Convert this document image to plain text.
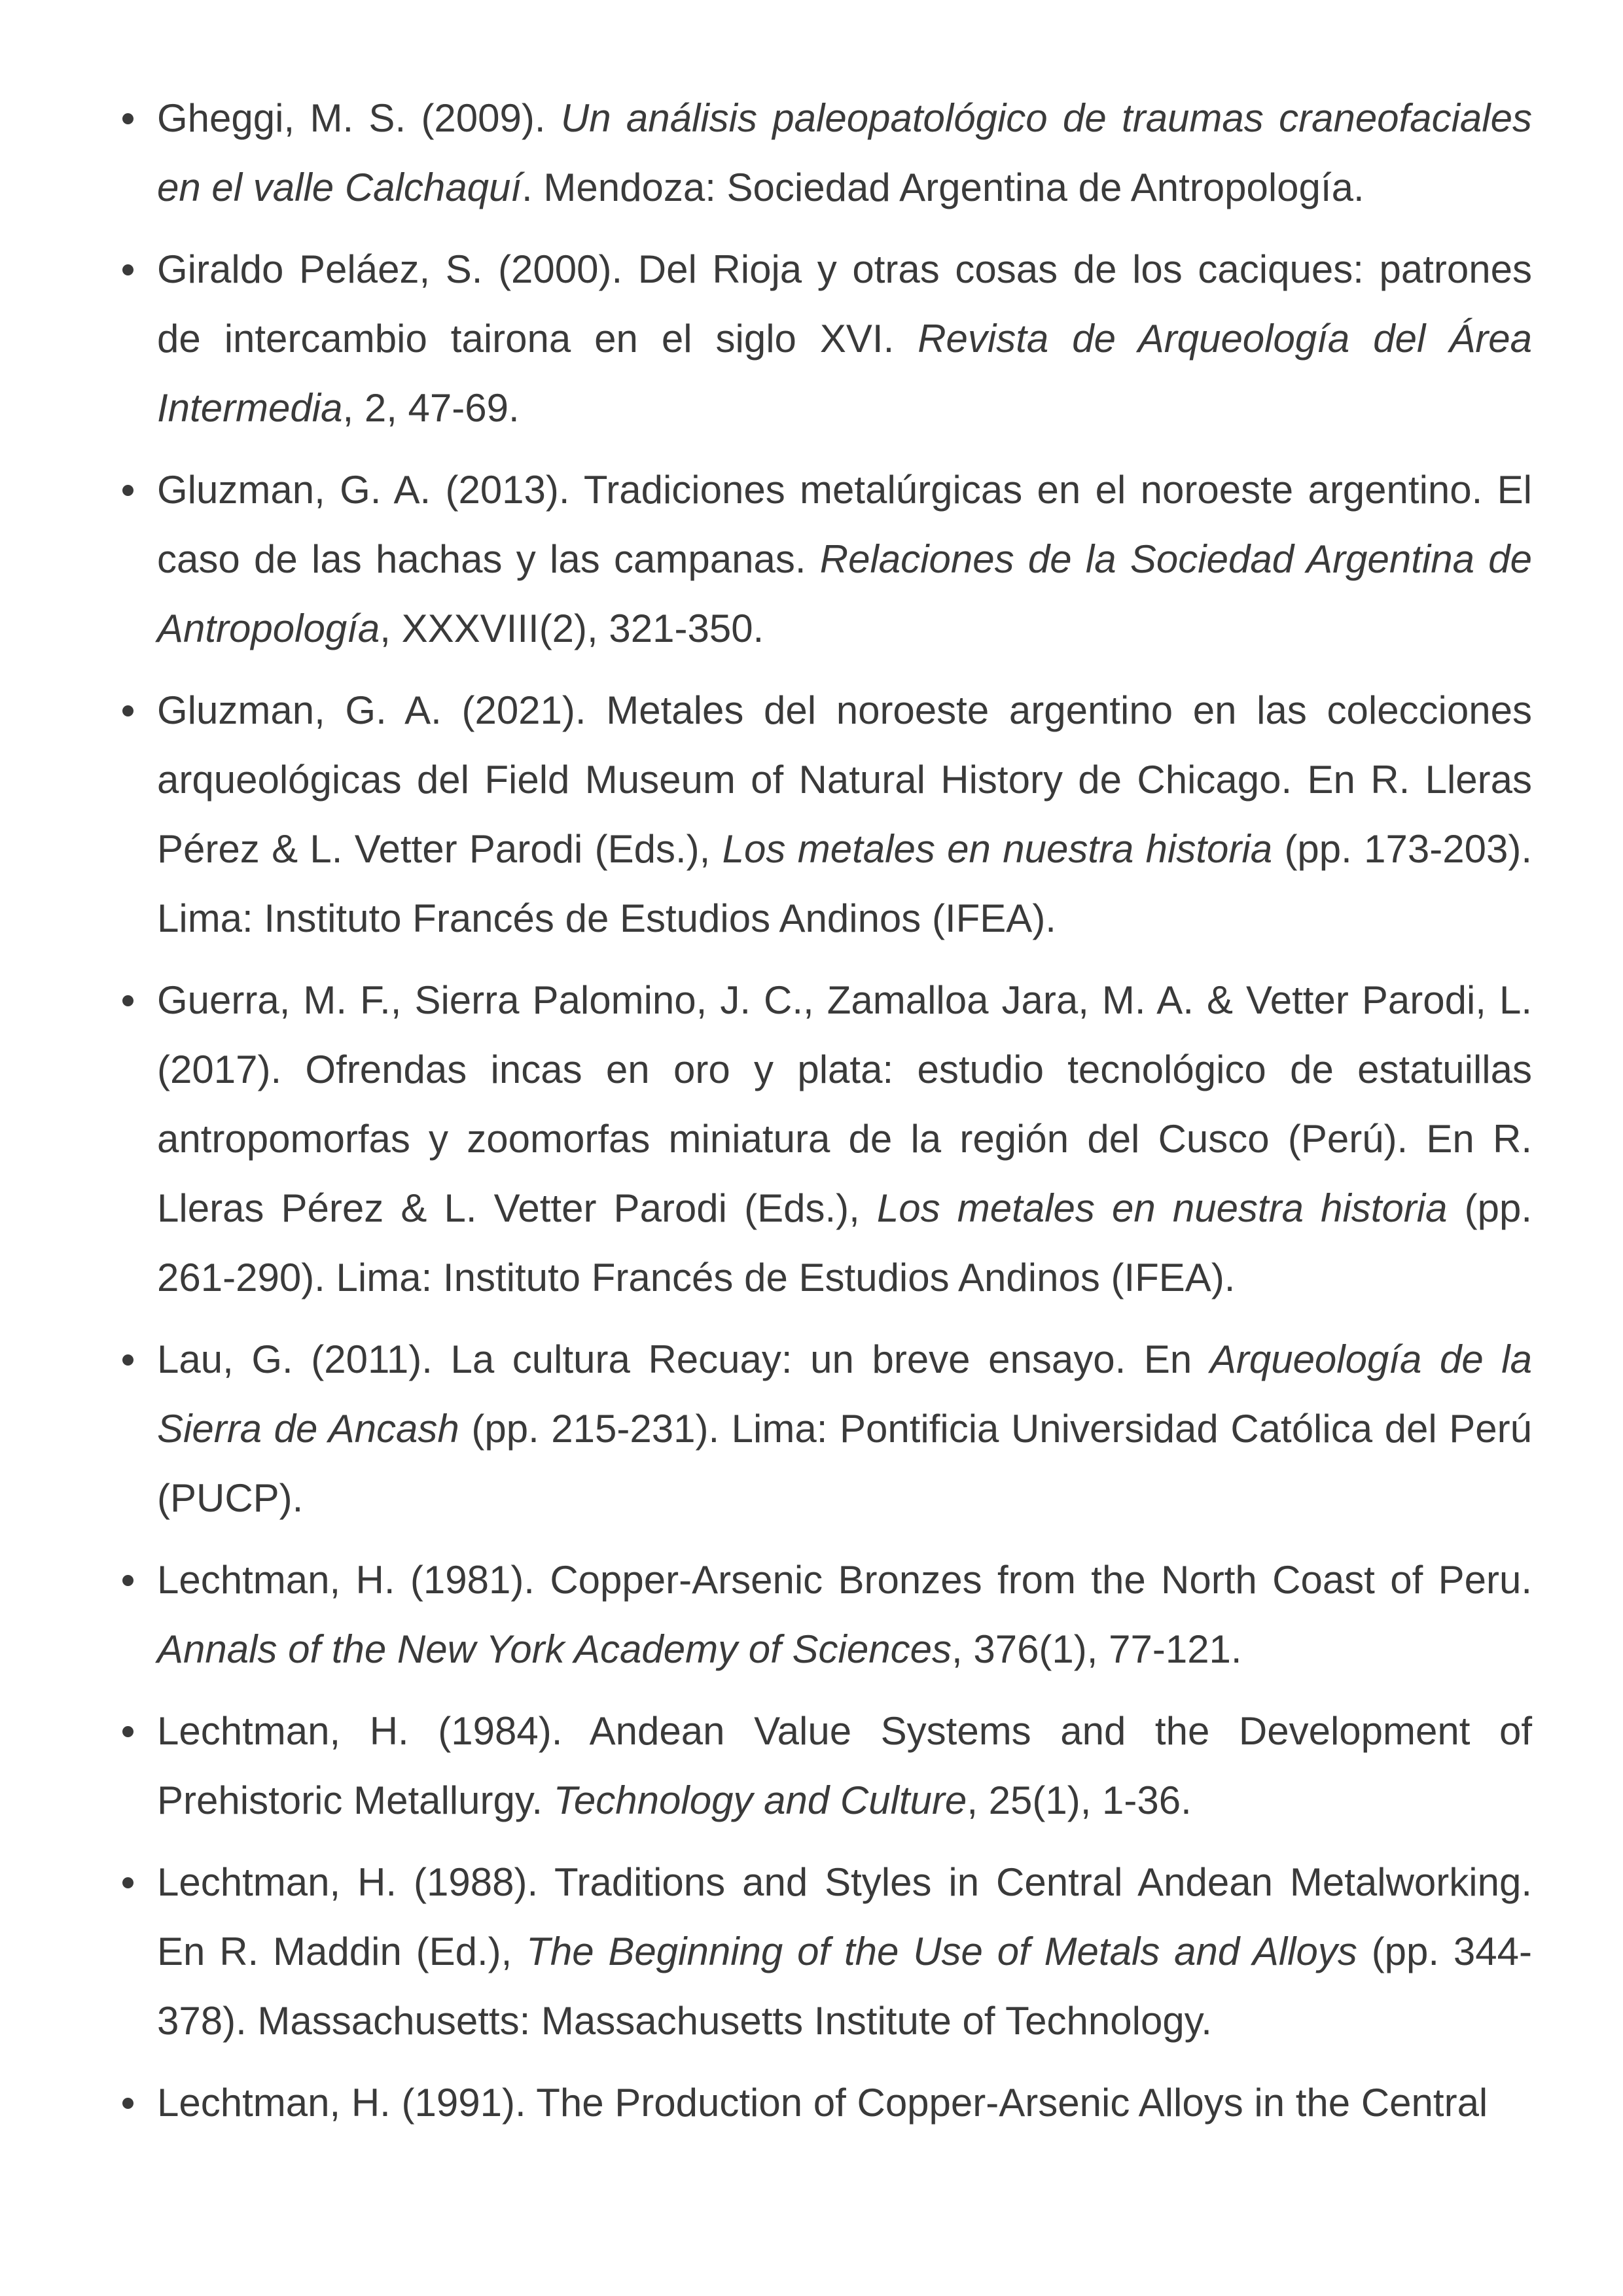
Gheggi, M. S. (2009). Un análisis paleopatológico de traumas craneofaciales en el valle Calchaquí. Mendoza: Sociedad Argentina de Antropología.
Giraldo Peláez, S. (2000). Del Rioja y otras cosas de los caciques: patrones de intercambio tairona en el siglo XVI. Revista de Arqueología del Área Intermedia, 2, 47-69.
Gluzman, G. A. (2013). Tradiciones metalúrgicas en el noroeste argentino. El caso de las hachas y las campanas. Relaciones de la Sociedad Argentina de Antropología, XXXVIII(2), 321-350.
Gluzman, G. A. (2021). Metales del noroeste argentino en las colecciones arqueológicas del Field Museum of Natural History de Chicago. En R. Lleras Pérez & L. Vetter Parodi (Eds.), Los metales en nuestra historia (pp. 173-203). Lima: Instituto Francés de Estudios Andinos (IFEA).
Guerra, M. F., Sierra Palomino, J. C., Zamalloa Jara, M. A. & Vetter Parodi, L. (2017). Ofrendas incas en oro y plata: estudio tecnológico de estatuillas antropomorfas y zoomorfas miniatura de la región del Cusco (Perú). En R. Lleras Pérez & L. Vetter Parodi (Eds.), Los metales en nuestra historia (pp. 261-290). Lima: Instituto Francés de Estudios Andinos (IFEA).
Lau, G. (2011). La cultura Recuay: un breve ensayo. En Arqueología de la Sierra de Ancash (pp. 215-231). Lima: Pontificia Universidad Católica del Perú (PUCP).
Lechtman, H. (1981). Copper-Arsenic Bronzes from the North Coast of Peru. Annals of the New York Academy of Sciences, 376(1), 77-121.
Lechtman, H. (1984). Andean Value Systems and the Development of Prehistoric Metallurgy. Technology and Culture, 25(1), 1-36.
Lechtman, H. (1988). Traditions and Styles in Central Andean Metalworking. En R. Maddin (Ed.), The Beginning of the Use of Metals and Alloys (pp. 344-378). Massachusetts: Massachusetts Institute of Technology.
Lechtman, H. (1991). The Production of Copper-Arsenic Alloys in the Central
